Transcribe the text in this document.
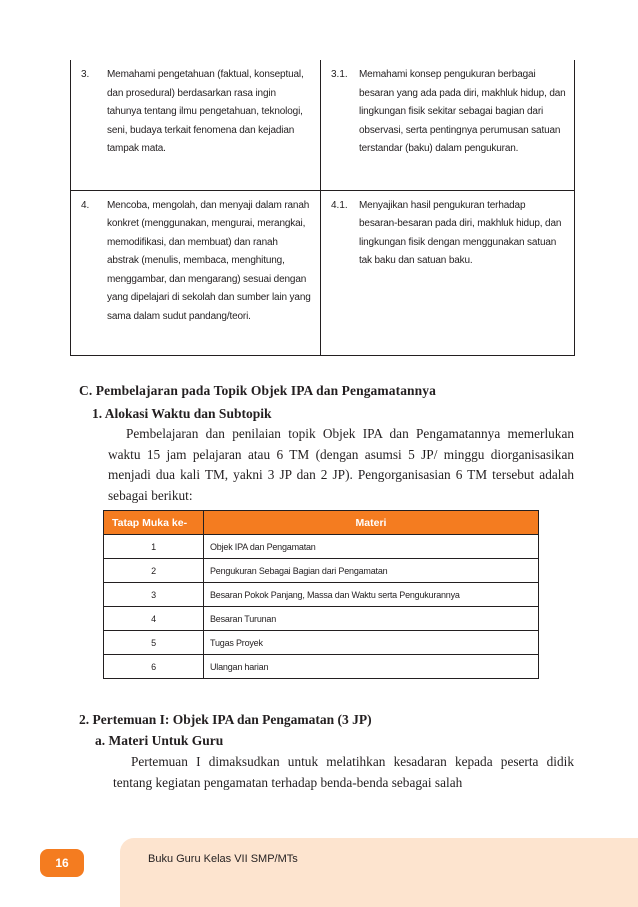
3. Memahami pengetahuan (faktual, konseptual, dan prosedural) berdasarkan rasa ingin tahunya tentang ilmu pengetahuan, teknologi, seni, budaya terkait fenomena dan kejadian tampak mata.	3.1. Memahami konsep pengukuran berbagai besaran yang ada pada diri, makhluk hidup, dan lingkungan fisik sekitar sebagai bagian dari observasi, serta pentingnya perumusan satuan terstandar (baku) dalam pengukuran.

4. Mencoba, mengolah, dan menyaji dalam ranah konkret (menggunakan, mengurai, merangkai, memodifikasi, dan membuat) dan ranah abstrak (menulis, membaca, menghitung, menggambar, dan mengarang) sesuai dengan yang dipelajari di sekolah dan sumber lain yang sama dalam sudut pandang/teori.	4.1. Menyajikan hasil pengukuran terhadap besaran-besaran pada diri, makhluk hidup, dan lingkungan fisik dengan menggunakan satuan tak baku dan satuan baku.
C. Pembelajaran pada Topik Objek IPA dan Pengamatannya
1. Alokasi Waktu dan Subtopik

Pembelajaran dan penilaian topik Objek IPA dan Pengamatannya memerlukan waktu 15 jam pelajaran atau 6 TM (dengan asumsi 5 JP/ minggu diorganisasikan menjadi dua kali TM, yakni 3 JP dan 2 JP). Pengorganisasian 6 TM tersebut adalah sebagai berikut:

Tatap Muka ke-	Materi
1	Objek IPA dan Pengamatan
2	Pengukuran Sebagai Bagian dari Pengamatan
3	Besaran Pokok Panjang, Massa dan Waktu serta Pengukurannya
4	Besaran Turunan
5	Tugas Proyek
6	Ulangan harian
2. Pertemuan I: Objek IPA dan Pengamatan (3 JP)
a. Materi Untuk Guru

Pertemuan I dimaksudkan untuk melatihkan kesadaran kepada peserta didik tentang kegiatan pengamatan terhadap benda-benda sebagai salah

16	Buku Guru Kelas VII SMP/MTs
